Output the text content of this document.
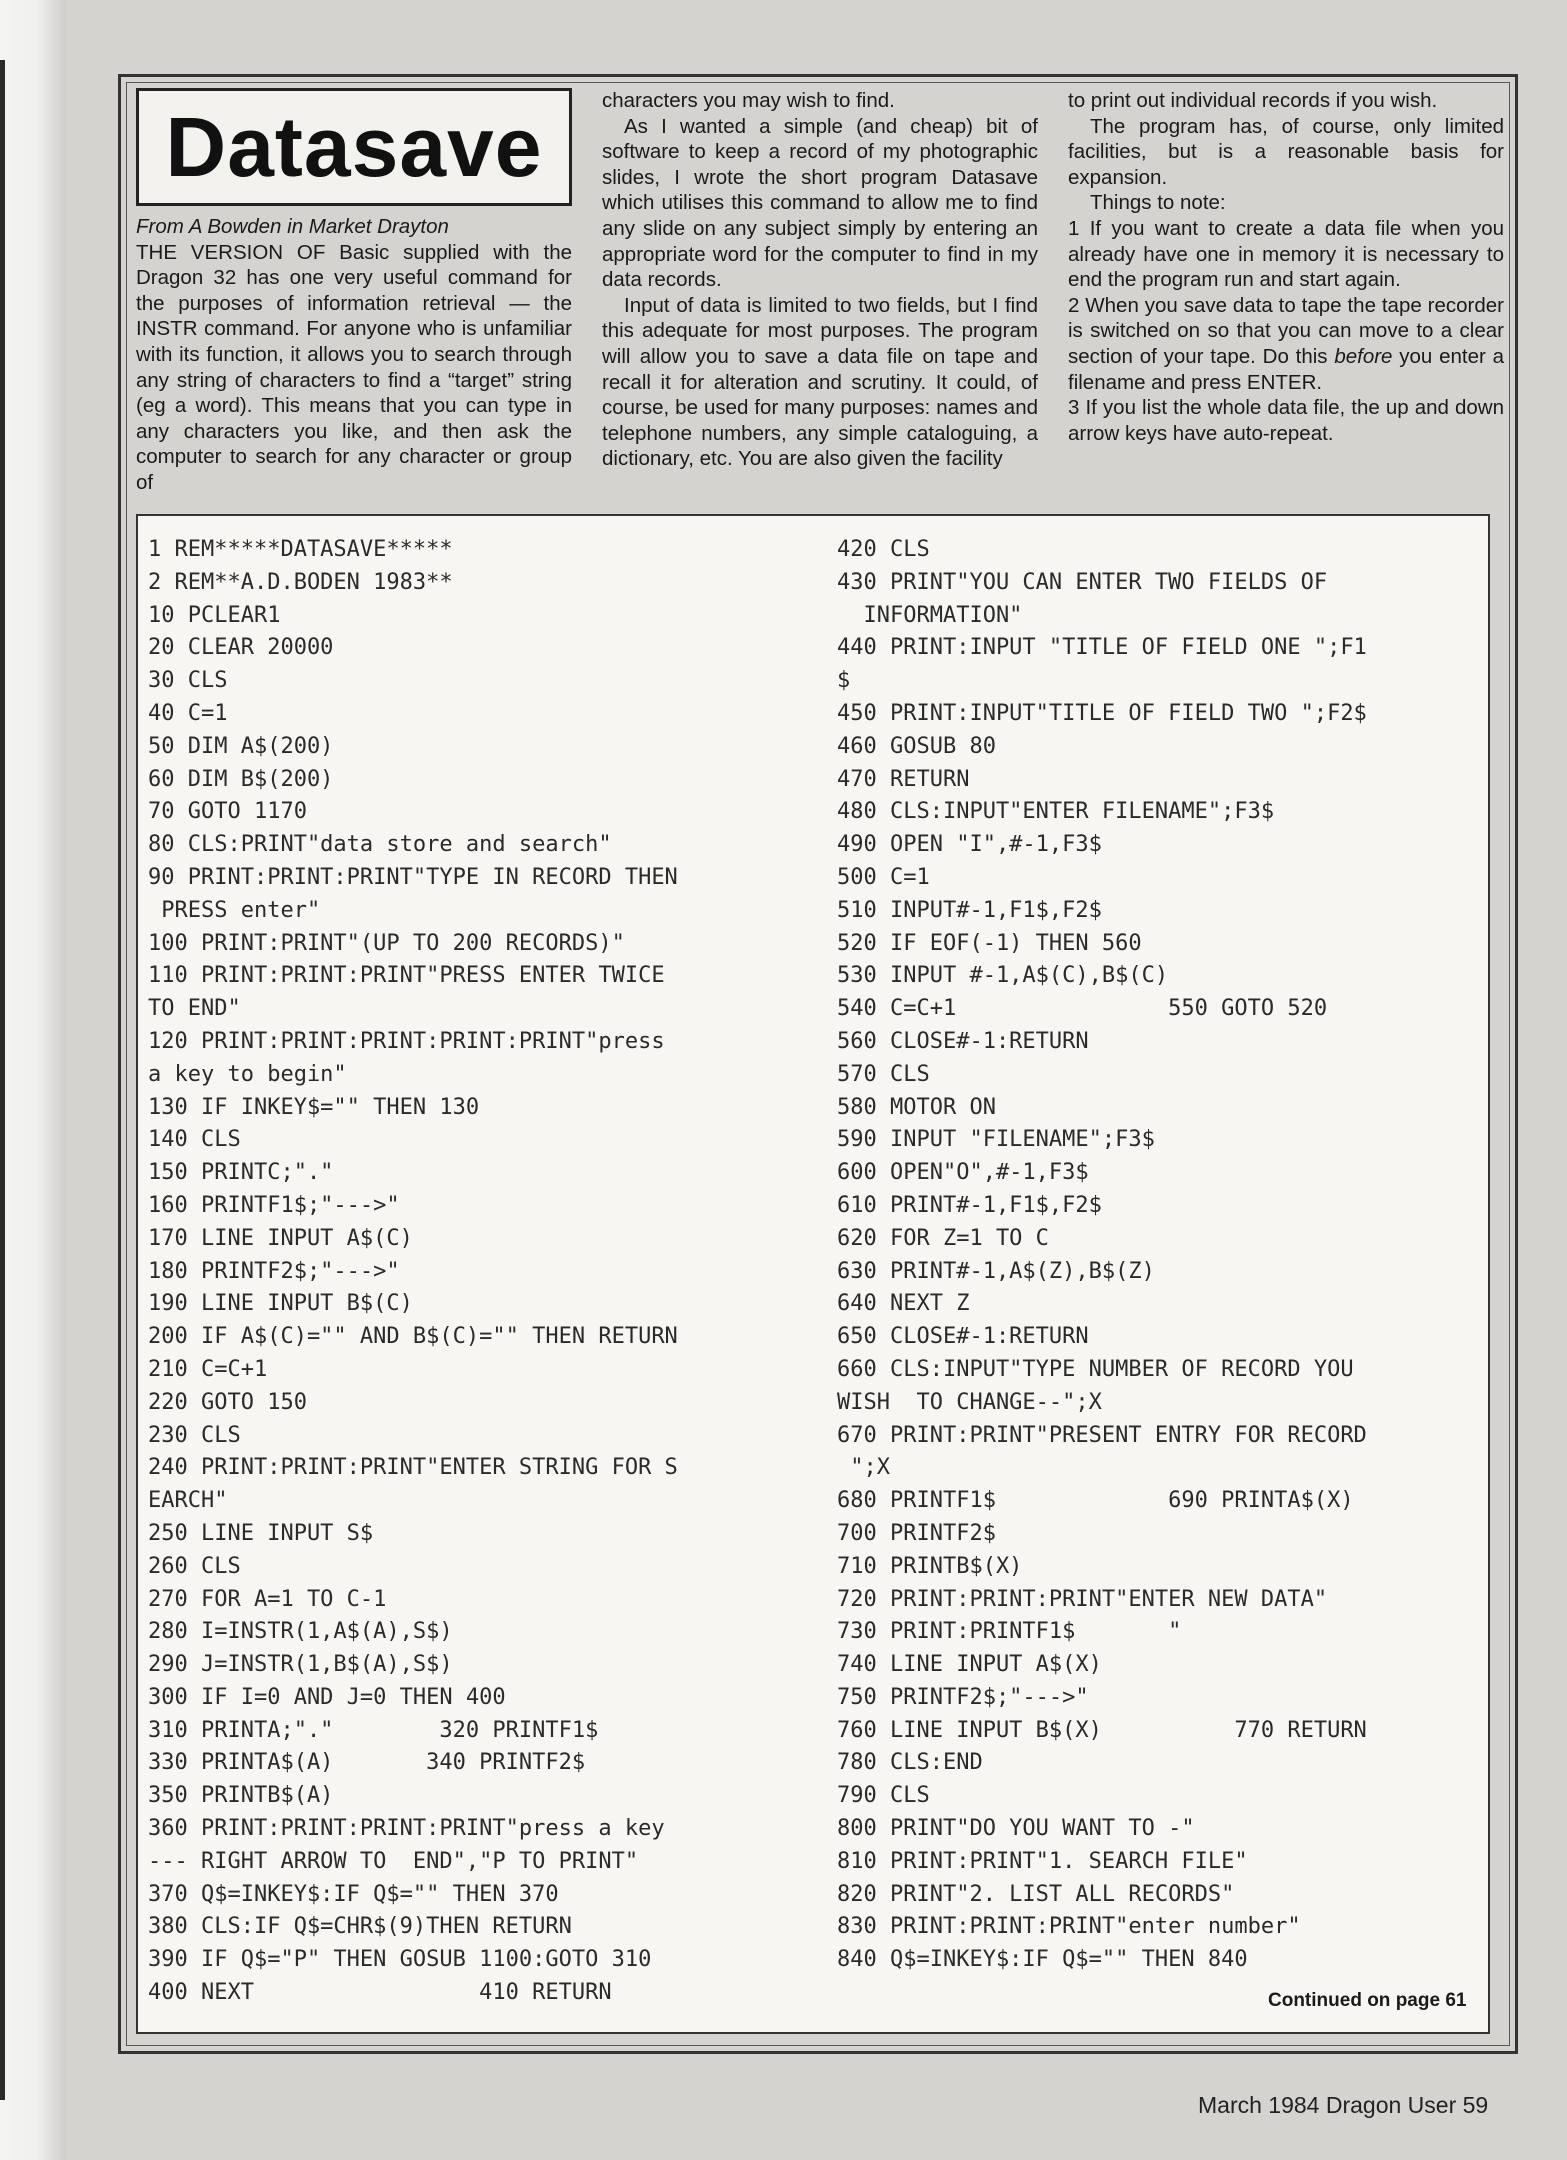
Datasave

From A Bowden in Market Drayton

THE VERSION OF Basic supplied with the Dragon 32 has one very useful command for the purposes of information retrieval — the INSTR command. For anyone who is unfamiliar with its function, it allows you to search through any string of characters to find a “target” string (eg a word). This means that you can type in any characters you like, and then ask the computer to search for any character or group of

characters you may wish to find.

As I wanted a simple (and cheap) bit of software to keep a record of my photographic slides, I wrote the short program Datasave which utilises this command to allow me to find any slide on any subject simply by entering an appropriate word for the computer to find in my data records.

Input of data is limited to two fields, but I find this adequate for most purposes. The program will allow you to save a data file on tape and recall it for alteration and scrutiny. It could, of course, be used for many purposes: names and telephone numbers, any simple cataloguing, a dictionary, etc. You are also given the facility

to print out individual records if you wish.

The program has, of course, only limited facilities, but is a reasonable basis for expansion.

Things to note:

1 If you want to create a data file when you already have one in memory it is necessary to end the program run and start again.

2 When you save data to tape the tape recorder is switched on so that you can move to a clear section of your tape. Do this before you enter a filename and press ENTER.

3 If you list the whole data file, the up and down arrow keys have auto-repeat.

1 REM*****DATASAVE*****
2 REM**A.D.BODEN 1983**
10 PCLEAR1
20 CLEAR 20000
30 CLS
40 C=1
50 DIM A$(200)
60 DIM B$(200)
70 GOTO 1170
80 CLS:PRINT"data store and search"
90 PRINT:PRINT:PRINT"TYPE IN RECORD THEN
PRESS enter"
100 PRINT:PRINT"(UP TO 200 RECORDS)"
110 PRINT:PRINT:PRINT"PRESS ENTER TWICE
TO END"
120 PRINT:PRINT:PRINT:PRINT:PRINT"press
a key to begin"
130 IF INKEY$="" THEN 130
140 CLS
150 PRINTC;"."
160 PRINTF1$;"--->"
170 LINE INPUT A$(C)
180 PRINTF2$;"--->"
190 LINE INPUT B$(C)
200 IF A$(C)="" AND B$(C)="" THEN RETURN
210 C=C+1
220 GOTO 150
230 CLS
240 PRINT:PRINT:PRINT"ENTER STRING FOR S
EARCH"
250 LINE INPUT S$
260 CLS
270 FOR A=1 TO C-1
280 I=INSTR(1,A$(A),S$)
290 J=INSTR(1,B$(A),S$)
300 IF I=0 AND J=0 THEN 400
310 PRINTA;"."        320 PRINTF1$
330 PRINTA$(A)       340 PRINTF2$
350 PRINTB$(A)
360 PRINT:PRINT:PRINT:PRINT"press a key
--- RIGHT ARROW TO  END","P TO PRINT"
370 Q$=INKEY$:IF Q$="" THEN 370
380 CLS:IF Q$=CHR$(9)THEN RETURN
390 IF Q$="P" THEN GOSUB 1100:GOTO 310
400 NEXT                 410 RETURN
420 CLS
430 PRINT"YOU CAN ENTER TWO FIELDS OF
INFORMATION"
440 PRINT:INPUT "TITLE OF FIELD ONE ";F1
$
450 PRINT:INPUT"TITLE OF FIELD TWO ";F2$
460 GOSUB 80
470 RETURN
480 CLS:INPUT"ENTER FILENAME";F3$
490 OPEN "I",#-1,F3$
500 C=1
510 INPUT#-1,F1$,F2$
520 IF EOF(-1) THEN 560
530 INPUT #-1,A$(C),B$(C)
540 C=C+1                550 GOTO 520
560 CLOSE#-1:RETURN
570 CLS
580 MOTOR ON
590 INPUT "FILENAME";F3$
600 OPEN"O",#-1,F3$
610 PRINT#-1,F1$,F2$
620 FOR Z=1 TO C
630 PRINT#-1,A$(Z),B$(Z)
640 NEXT Z
650 CLOSE#-1:RETURN
660 CLS:INPUT"TYPE NUMBER OF RECORD YOU
WISH  TO CHANGE--";X
670 PRINT:PRINT"PRESENT ENTRY FOR RECORD
";X
680 PRINTF1$             690 PRINTA$(X)
700 PRINTF2$
710 PRINTB$(X)
720 PRINT:PRINT:PRINT"ENTER NEW DATA"
730 PRINT:PRINTF1$       "
740 LINE INPUT A$(X)
750 PRINTF2$;"--->"
760 LINE INPUT B$(X)          770 RETURN
780 CLS:END
790 CLS
800 PRINT"DO YOU WANT TO -"
810 PRINT:PRINT"1. SEARCH FILE"
820 PRINT"2. LIST ALL RECORDS"
830 PRINT:PRINT:PRINT"enter number"
840 Q$=INKEY$:IF Q$="" THEN 840
Continued on page 61
March 1984 Dragon User 59
